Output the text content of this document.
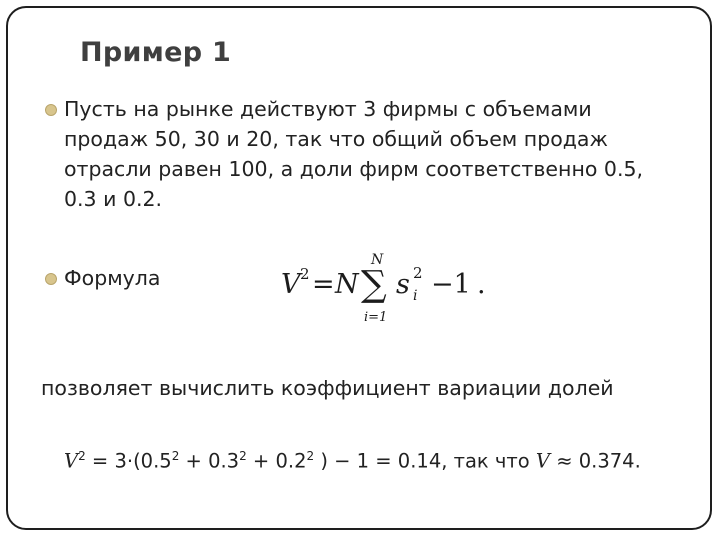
Пример 1
Пусть на рынке действуют 3 фирмы с объемами
продаж 50, 30 и 20, так что общий объем продаж
отрасли равен 100, а доли фирм соответственно 0.5,
0.3 и 0.2.
Формула	V 2 = N ∑
N
i=1
s 2
i −1 .
позволяет вычислить коэффициент вариации долей
$V^2 = 3\cdot(0.5^2 + 0.3^2 + 0.2^2$ ) − 1 = 0.14, так что V ≈ 0.374.
